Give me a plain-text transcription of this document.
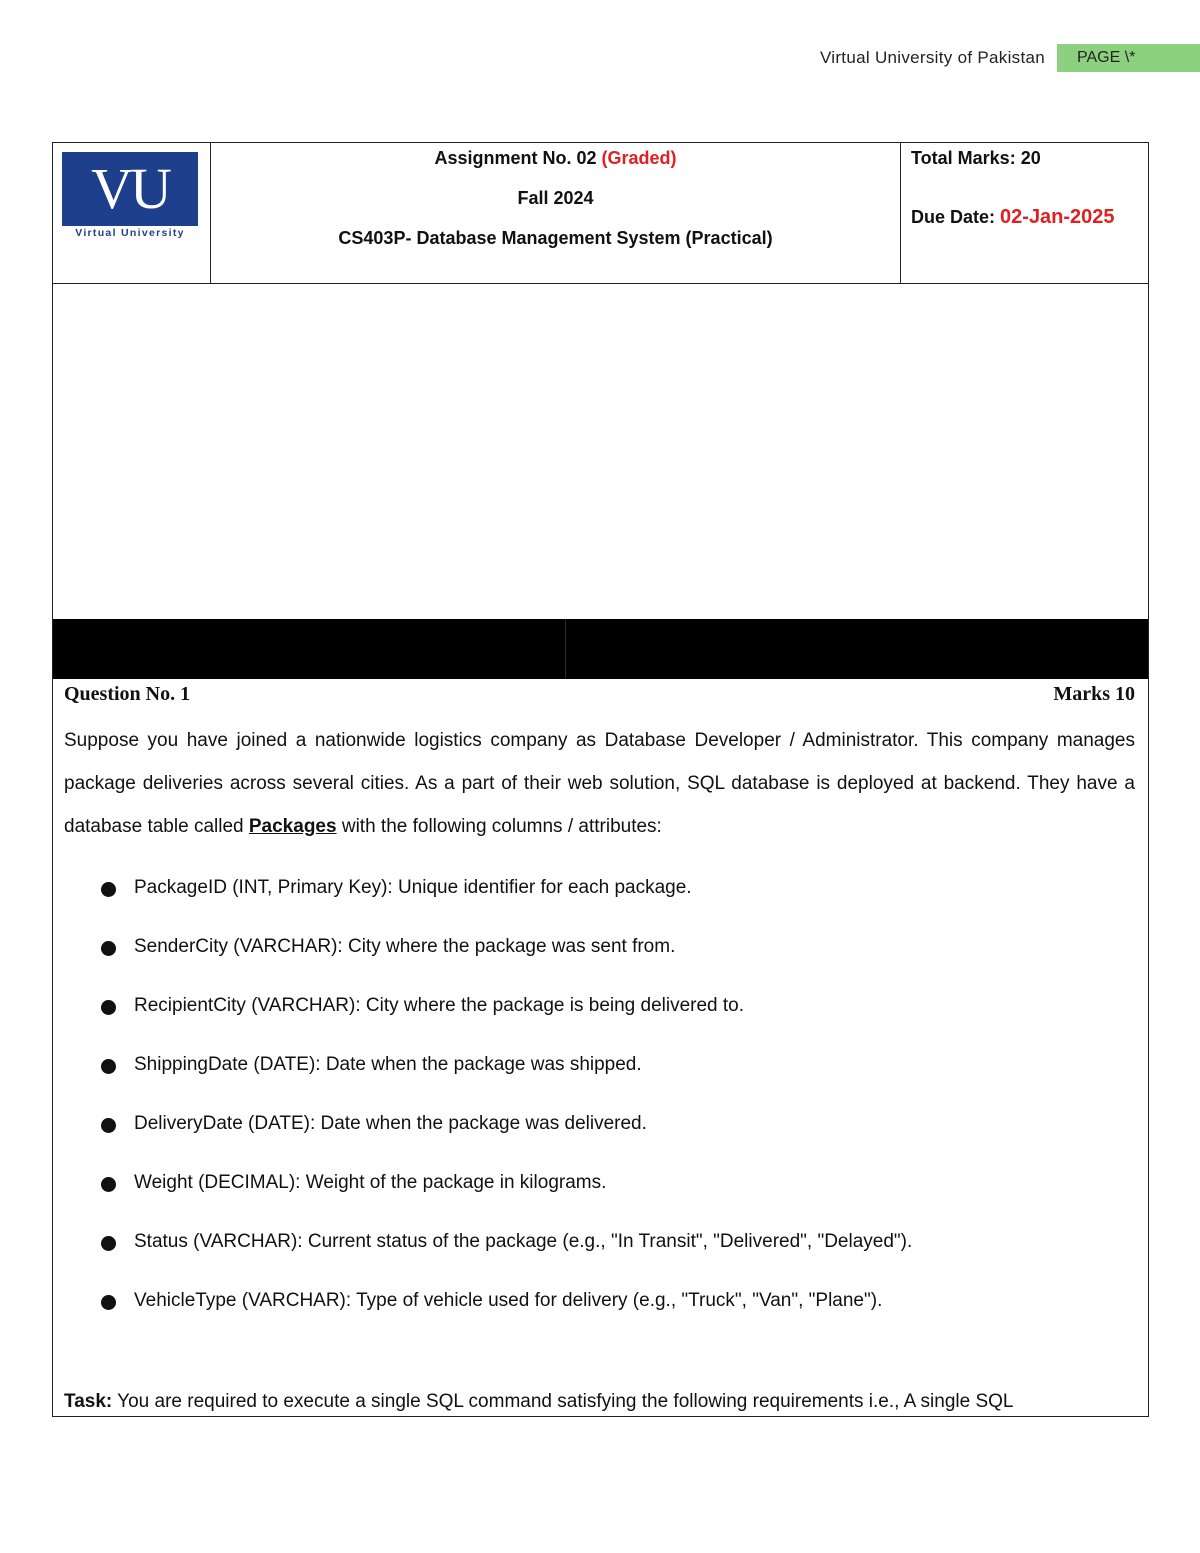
Virtual University of Pakistan	PAGE \*
VU
Virtual University
Assignment No. 02 (Graded)
Fall 2024
CS403P- Database Management System (Practical)
Total Marks: 20
Due Date: 02-Jan-2025
Question No. 1	Marks 10
Suppose you have joined a nationwide logistics company as Database Developer / Administrator. This company manages package deliveries across several cities. As a part of their web solution, SQL database is deployed at backend. They have a database table called Packages with the following columns / attributes:
PackageID (INT, Primary Key): Unique identifier for each package.
SenderCity (VARCHAR): City where the package was sent from.
RecipientCity (VARCHAR): City where the package is being delivered to.
ShippingDate (DATE): Date when the package was shipped.
DeliveryDate (DATE): Date when the package was delivered.
Weight (DECIMAL): Weight of the package in kilograms.
Status (VARCHAR): Current status of the package (e.g., "In Transit", "Delivered", "Delayed").
VehicleType (VARCHAR): Type of vehicle used for delivery (e.g., "Truck", "Van", "Plane").
Task: You are required to execute a single SQL command satisfying the following requirements i.e., A single SQL
